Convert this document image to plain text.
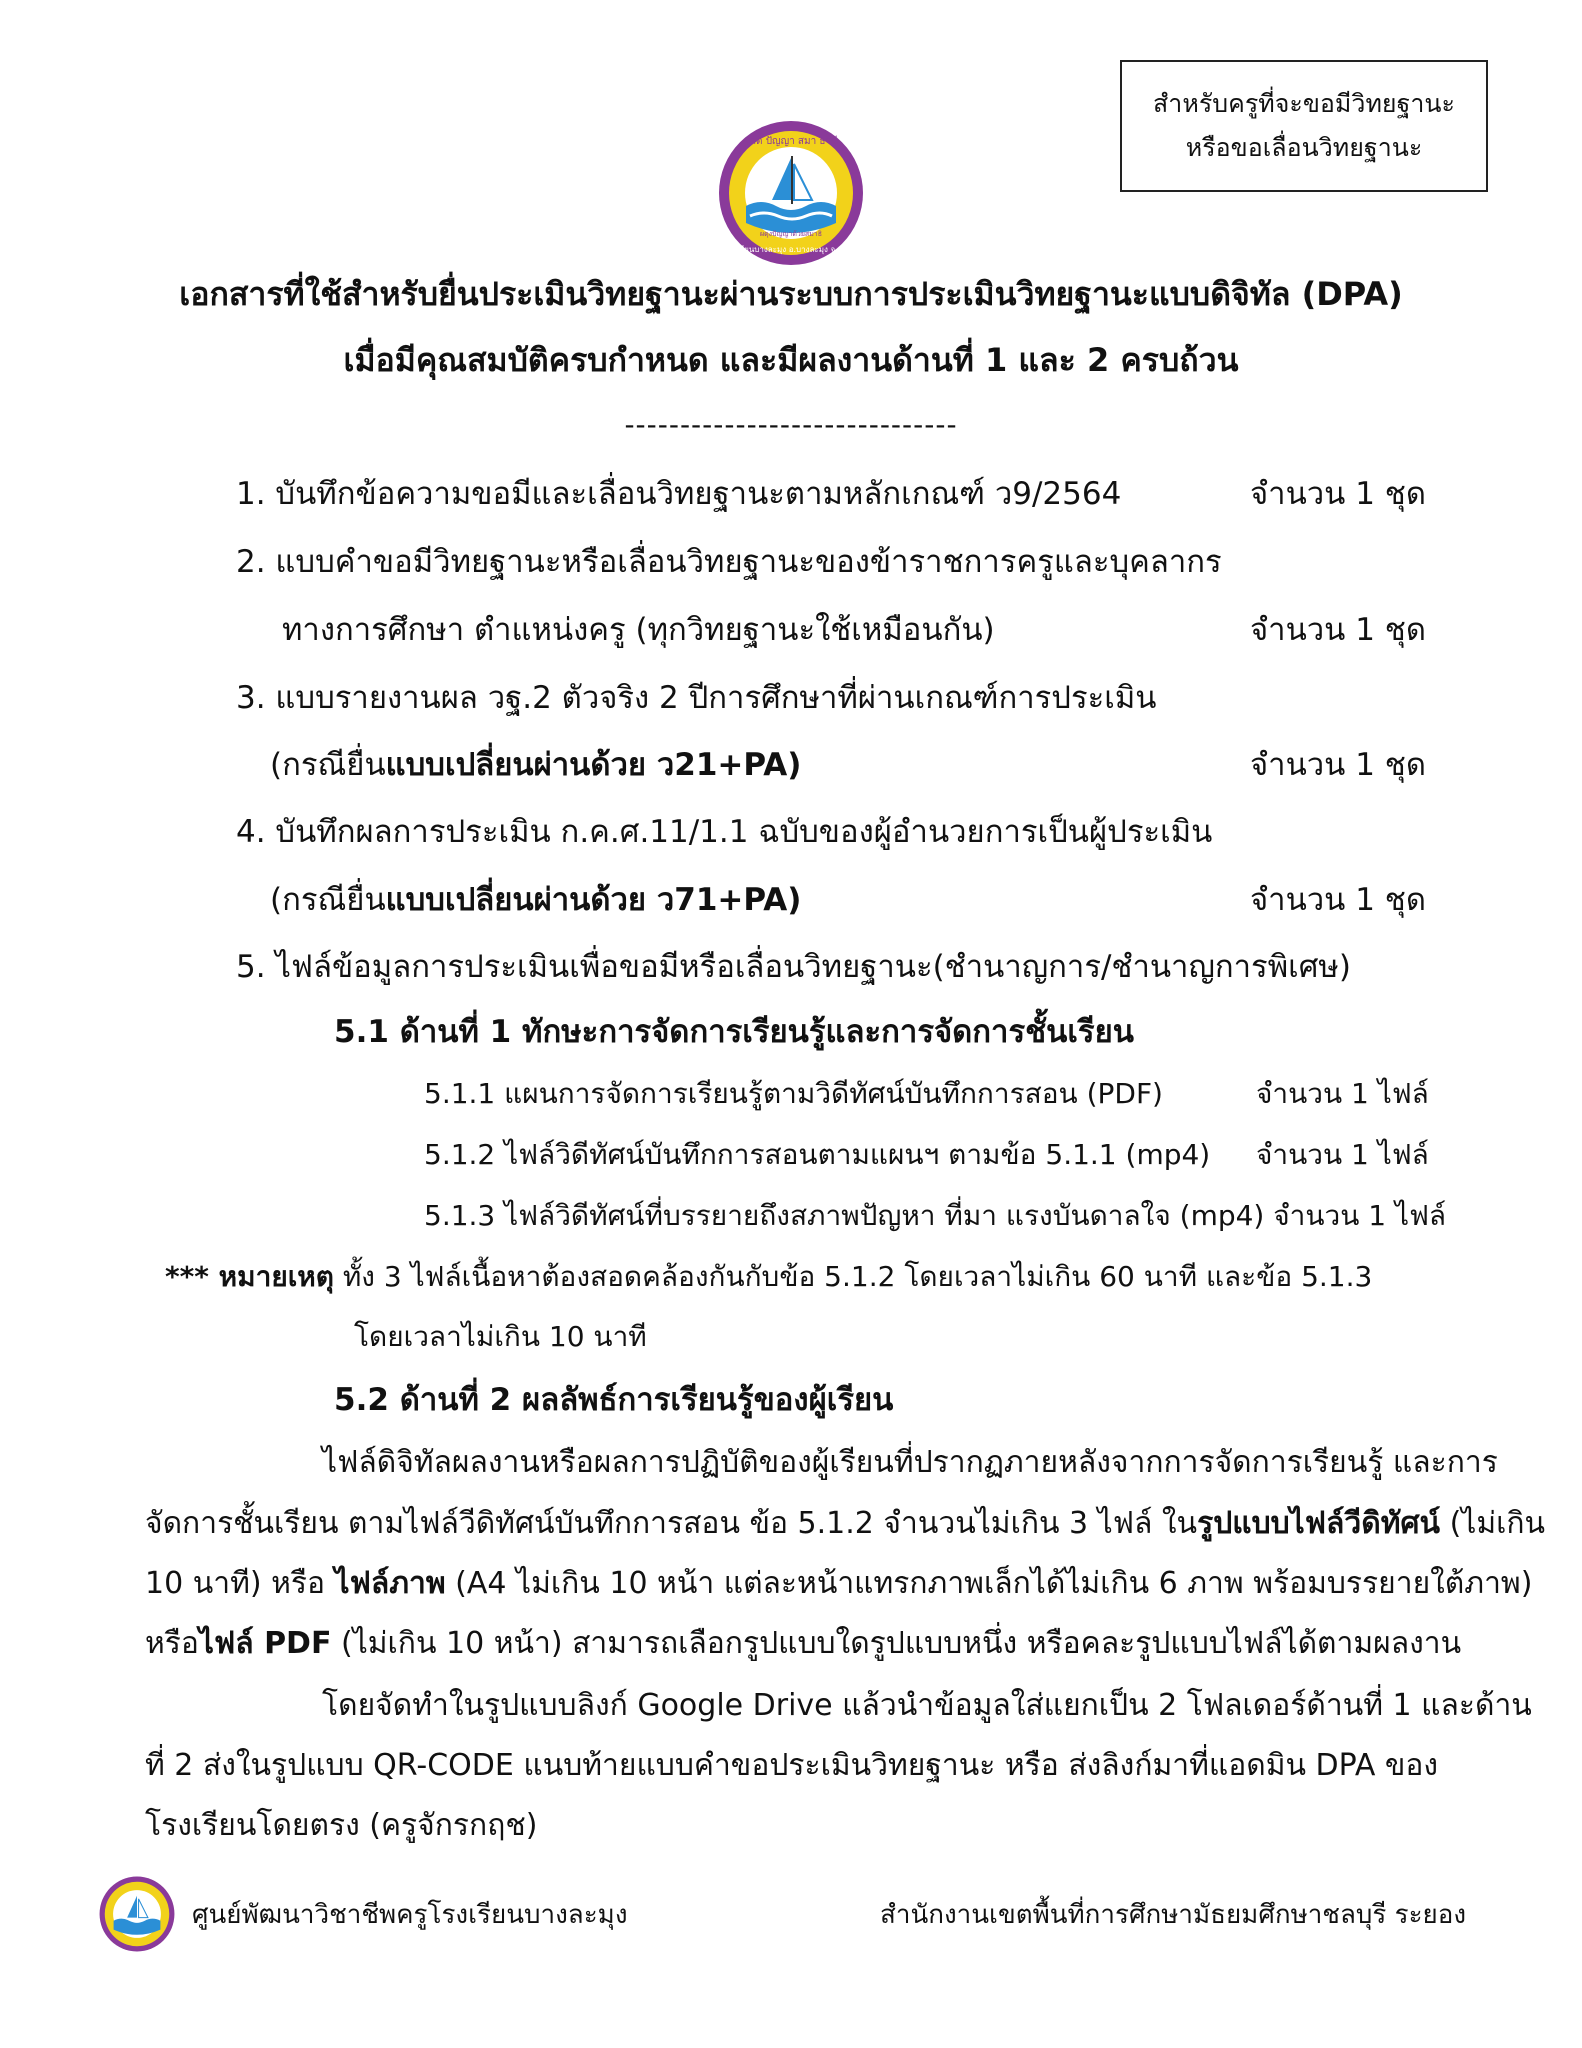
สำหรับครูที่จะขอมีวิทยฐานะ
หรือขอเลื่อนวิทยฐานะ
ผลดี ปัญญา สมา ธานี
โรงเรียนบางละมุง อ.บางละมุง จ.ชลบุรี
ผดุงปัญญาด้วยสมาธิ
เอกสารที่ใช้สำหรับยื่นประเมินวิทยฐานะผ่านระบบการประเมินวิทยฐานะแบบดิจิทัล (DPA)
เมื่อมีคุณสมบัติครบกำหนด และมีผลงานด้านที่ 1 และ 2 ครบถ้วน
------------------------------
1. บันทึกข้อความขอมีและเลื่อนวิทยฐานะตามหลักเกณฑ์ ว9/2564	จำนวน 1 ชุด
2. แบบคำขอมีวิทยฐานะหรือเลื่อนวิทยฐานะของข้าราชการครูและบุคลากร
ทางการศึกษา ตำแหน่งครู (ทุกวิทยฐานะใช้เหมือนกัน)	จำนวน 1 ชุด
3. แบบรายงานผล วฐ.2 ตัวจริง 2 ปีการศึกษาที่ผ่านเกณฑ์การประเมิน
(กรณียื่นแบบเปลี่ยนผ่านด้วย ว21+PA)	จำนวน 1 ชุด
4. บันทึกผลการประเมิน ก.ค.ศ.11/1.1 ฉบับของผู้อำนวยการเป็นผู้ประเมิน
(กรณียื่นแบบเปลี่ยนผ่านด้วย ว71+PA)	จำนวน 1 ชุด
5. ไฟล์ข้อมูลการประเมินเพื่อขอมีหรือเลื่อนวิทยฐานะ(ชำนาญการ/ชำนาญการพิเศษ)
5.1 ด้านที่ 1 ทักษะการจัดการเรียนรู้และการจัดการชั้นเรียน
5.1.1 แผนการจัดการเรียนรู้ตามวิดีทัศน์บันทึกการสอน (PDF)	จำนวน 1 ไฟล์
5.1.2 ไฟล์วิดีทัศน์บันทึกการสอนตามแผนฯ ตามข้อ 5.1.1 (mp4) จำนวน 1 ไฟล์
5.1.3 ไฟล์วิดีทัศน์ที่บรรยายถึงสภาพปัญหา ที่มา แรงบันดาลใจ (mp4) จำนวน 1 ไฟล์
*** หมายเหตุ ทั้ง 3 ไฟล์เนื้อหาต้องสอดคล้องกันกับข้อ 5.1.2 โดยเวลาไม่เกิน 60 นาที และข้อ 5.1.3
โดยเวลาไม่เกิน 10 นาที
5.2 ด้านที่ 2 ผลลัพธ์การเรียนรู้ของผู้เรียน
ไฟล์ดิจิทัลผลงานหรือผลการปฏิบัติของผู้เรียนที่ปรากฏภายหลังจากการจัดการเรียนรู้ และการ
จัดการชั้นเรียน ตามไฟล์วีดิทัศน์บันทึกการสอน ข้อ 5.1.2 จำนวนไม่เกิน 3 ไฟล์ ในรูปแบบไฟล์วีดิทัศน์ (ไม่เกิน
10 นาที) หรือ ไฟล์ภาพ (A4 ไม่เกิน 10 หน้า แต่ละหน้าแทรกภาพเล็กได้ไม่เกิน 6 ภาพ พร้อมบรรยายใต้ภาพ)
หรือไฟล์ PDF (ไม่เกิน 10 หน้า) สามารถเลือกรูปแบบใดรูปแบบหนึ่ง หรือคละรูปแบบไฟล์ได้ตามผลงาน
โดยจัดทำในรูปแบบลิงก์ Google Drive แล้วนำข้อมูลใส่แยกเป็น 2 โฟลเดอร์ด้านที่ 1 และด้าน
ที่ 2 ส่งในรูปแบบ QR-CODE แนบท้ายแบบคำขอประเมินวิทยฐานะ หรือ ส่งลิงก์มาที่แอดมิน DPA ของ
โรงเรียนโดยตรง (ครูจักรกฤช)
ศูนย์พัฒนาวิชาชีพครูโรงเรียนบางละมุง	สำนักงานเขตพื้นที่การศึกษามัธยมศึกษาชลบุรี ระยอง
